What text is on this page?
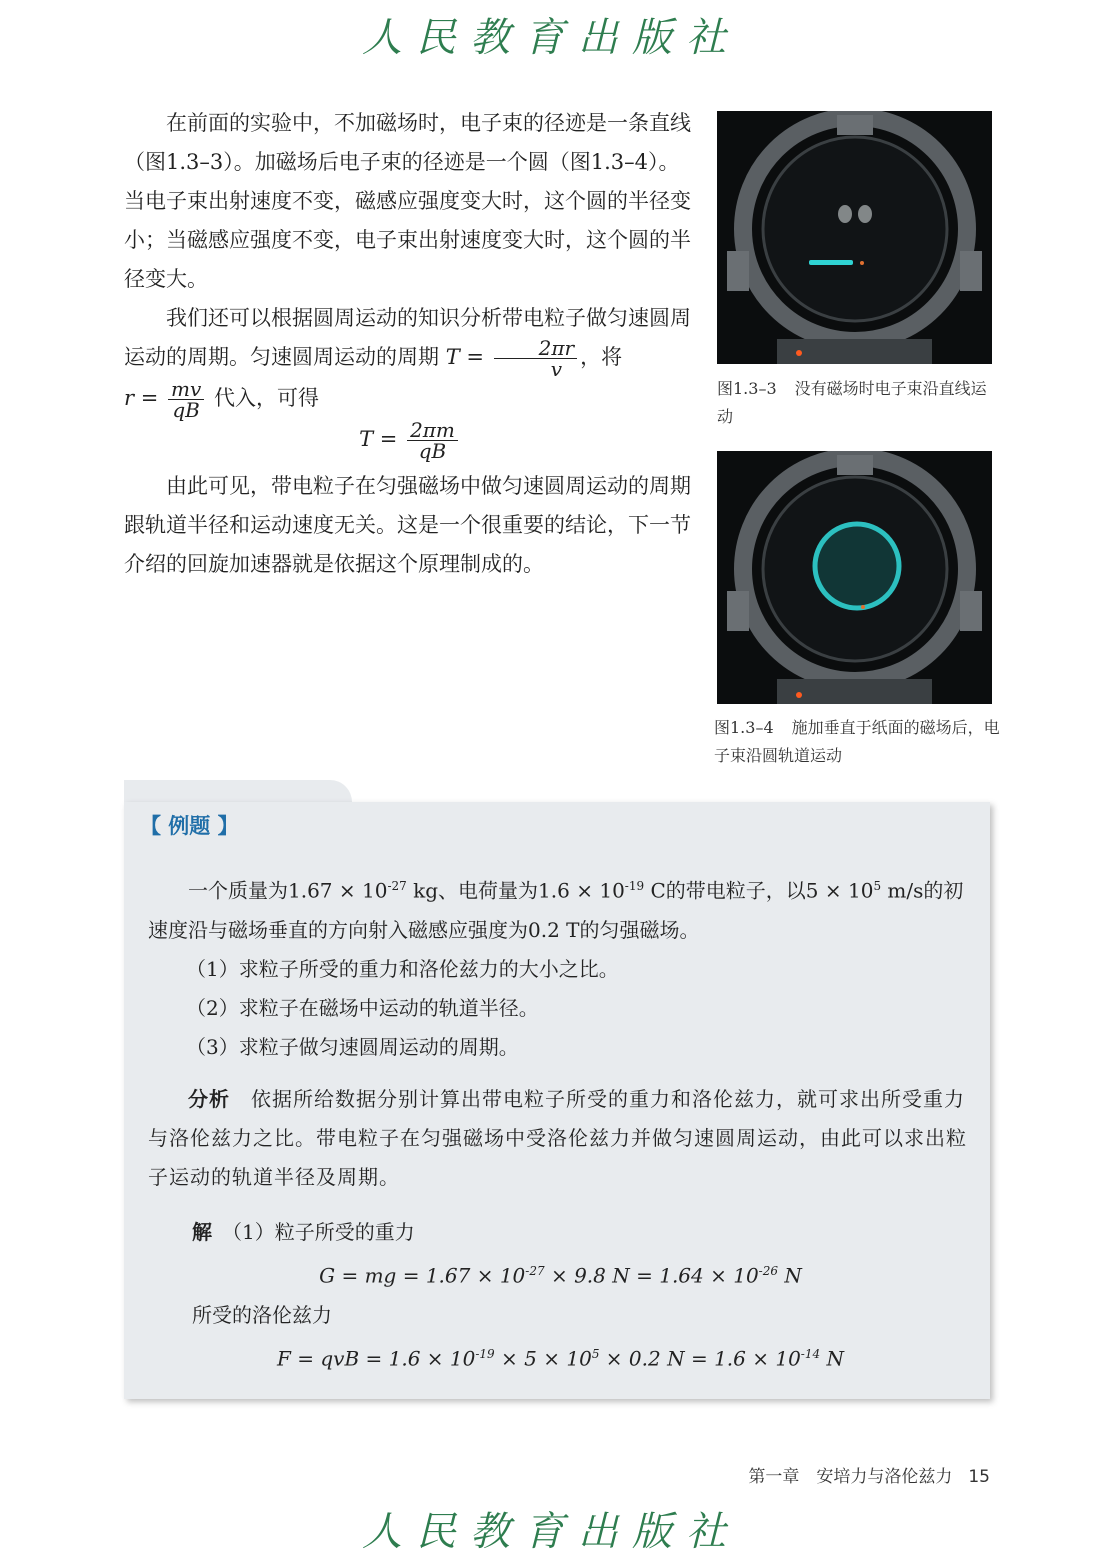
人民教育出版社

在前面的实验中，不加磁场时，电子束的径迹是一条直线（图1.3–3）。加磁场后电子束的径迹是一个圆（图1.3–4）。当电子束出射速度不变，磁感应强度变大时，这个圆的半径变小；当磁感应强度不变，电子束出射速度变大时，这个圆的半径变大。

我们还可以根据圆周运动的知识分析带电粒子做匀速圆周运动的周期。匀速圆周运动的周期 $T = \frac{2\pi r}{v}$ ，将

$r = \frac{mv}{qB}$ 代入，可得

$T = \frac{2\pi m}{qB}$

由此可见，带电粒子在匀强磁场中做匀速圆周运动的周期跟轨道半径和运动速度无关。这是一个很重要的结论，下一节介绍的回旋加速器就是依据这个原理制成的。

图1.3–3 没有磁场时电子束沿直线运动
图1.3–4 施加垂直于纸面的磁场后，电子束沿圆轨道运动
【 例题 】

一个质量为$1.67 \times 10^{-27}$ kg、电荷量为$1.6 \times 10^{-19}$ C的带电粒子，以$5 \times 10^5$ m/s的初速度沿与磁场垂直的方向射入磁感应强度为0.2 T的匀强磁场。

（1）求粒子所受的重力和洛伦兹力的大小之比。

（2）求粒子在磁场中运动的轨道半径。

（3）求粒子做匀速圆周运动的周期。

分析　 依据所给数据分别计算出带电粒子所受的重力和洛伦兹力，就可求出所受重力与洛伦兹力之比。带电粒子在匀强磁场中受洛伦兹力并做匀速圆周运动，由此可以求出粒子运动的轨道半径及周期。

解　 （1）粒子所受的重力

G = mg = $1.67 \times 10^{-27} \times 9.8$ $N = 1.64 \times 10^{-26}$ N

所受的洛伦兹力

F = qvB = $1.6 \times 10^{-19} \times 5 \times 10^5 \times 0.2$ $N = 1.6 \times 10^{-14}$ N

第一章　安培力与洛伦兹力 15
人民教育出版社
